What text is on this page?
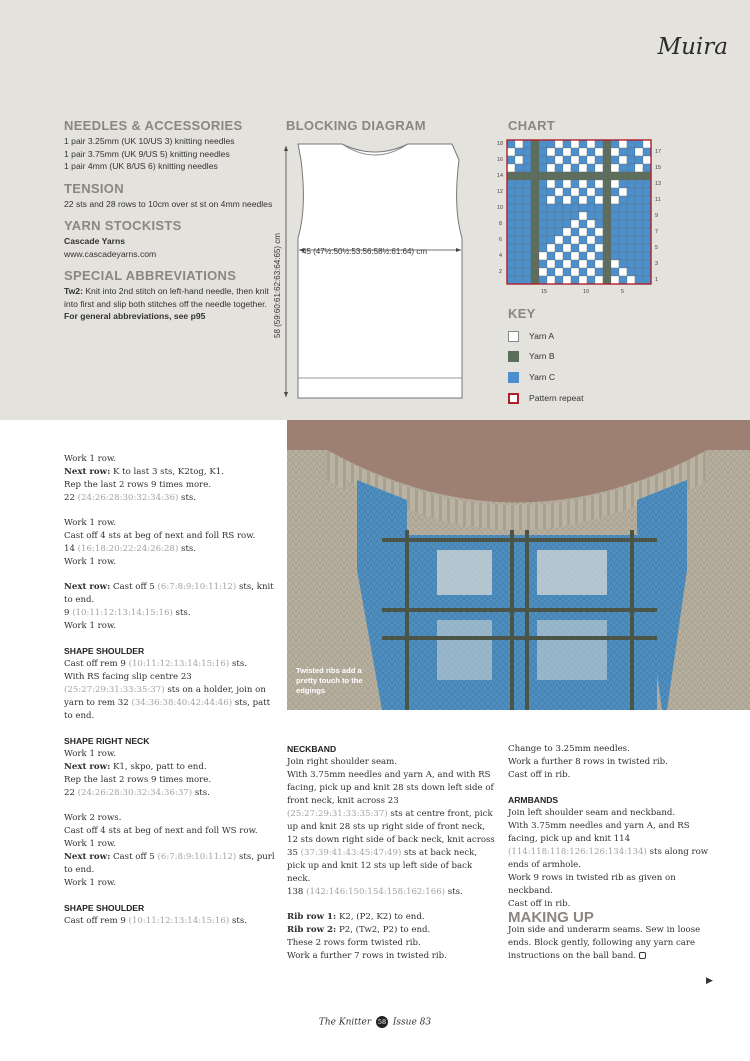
Muira
NEEDLES & ACCESSORIES
1 pair 3.25mm (UK 10/US 3) knitting needles
1 pair 3.75mm (UK 9/US 5) knitting needles
1 pair 4mm (UK 8/US 6) knitting needles
TENSION
22 sts and 28 rows to 10cm over st st on 4mm needles
YARN STOCKISTS
Cascade Yarns
www.cascadeyarns.com
SPECIAL ABBREVIATIONS
Tw2: Knit into 2nd stitch on left-hand needle, then knit into first and slip both stitches off the needle together.
For general abbreviations, see p95
BLOCKING DIAGRAM
45 (47½:50½:53:56:58½:61:64) cm
58 (59:60:61:62:63:64:65) cm
CHART
18
16
14
12
10
8
6
4
2
17
15
13
11
9
7
5
3
1
15	10	5
KEY
Yarn A
Yarn B
Yarn C
Pattern repeat
Twisted ribs add a pretty touch to the edgings

Work 1 row.

Next row: K to last 3 sts, K2tog, K1.

Rep the last 2 rows 9 times more.

22 (24:26:28:30:32:34:36) sts.

Work 1 row.

Cast off 4 sts at beg of next and foll RS row.

14 (16:18:20:22:24:26:28) sts.

Work 1 row.

Next row: Cast off 5 (6:7:8:9:10:11:12) sts, knit to end.

9 (10:11:12:13:14:15:16) sts.

Work 1 row.

SHAPE SHOULDER

Cast off rem 9 (10:11:12:13:14:15:16) sts.

With RS facing slip centre 23 (25:27:29:31:33:35:37) sts on a holder, join on yarn to rem 32 (34:36:38:40:42:44:46) sts, patt to end.

SHAPE RIGHT NECK

Work 1 row.

Next row: K1, skpo, patt to end.

Rep the last 2 rows 9 times more.

22 (24:26:28:30:32:34:36:37) sts.

Work 2 rows.

Cast off 4 sts at beg of next and foll WS row.

Work 1 row.

Next row: Cast off 5 (6:7:8:9:10:11:12) sts, purl to end.

Work 1 row.

SHAPE SHOULDER

Cast off rem 9 (10:11:12:13:14:15:16) sts.

NECKBAND

Join right shoulder seam.

With 3.75mm needles and yarn A, and with RS facing, pick up and knit 28 sts down left side of front neck, knit across 23 (25:27:29:31:33:35:37) sts at centre front, pick up and knit 28 sts up right side of front neck, 12 sts down right side of back neck, knit across 35 (37:39:41:43:45:47:49) sts at back neck, pick up and knit 12 sts up left side of back neck.

138 (142:146:150:154:158:162:166) sts.

Rib row 1: K2, (P2, K2) to end.

Rib row 2: P2, (Tw2, P2) to end.

These 2 rows form twisted rib.

Work a further 7 rows in twisted rib.

Change to 3.25mm needles.

Work a further 8 rows in twisted rib.

Cast off in rib.

ARMBANDS

Join left shoulder seam and neckband.

With 3.75mm needles and yarn A, and RS facing, pick up and knit 114 (114:118:118:126:126:134:134) sts along row ends of armhole.

Work 9 rows in twisted rib as given on neckband.

Cast off in rib.

MAKING UP

Join side and underarm seams. Sew in loose ends. Block gently, following any yarn care instructions on the ball band.

▶
The Knitter 58 Issue 83
